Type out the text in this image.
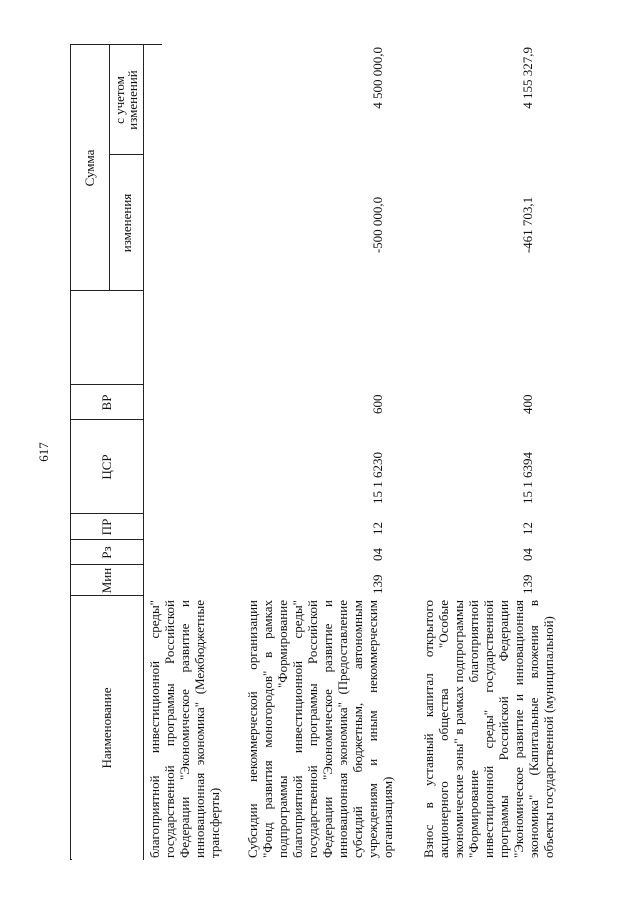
617
Наименование
Мин
Рз
ПР
ЦСР
ВР
Сумма
изменения
с учетом изменений
благоприятной инвестиционной среды" государственной программы Российской Федерации "Экономическое развитие и инновационная экономика" (Межбюджетные трансферты) Субсидии некоммерческой организации "Фонд развития моногородов" в рамках подпрограммы "Формирование благоприятной инвестиционной среды" государственной программы Российской Федерации "Экономическое развитие и инновационная экономика" (Предоставление субсидий бюджетным, автономным учреждениям и иным некоммерческим организациям)
139
04
12
15 1 6230
600
-500 000,0
4 500 000,0
Взнос в уставный капитал открытого акционерного общества "Особые экономические зоны" в рамках подпрограммы "Формирование благоприятной инвестиционной среды" государственной программы Российской Федерации "Экономическое развитие и инновационная экономика" (Капитальные вложения в объекты государственной (муниципальной)
139
04
12
15 1 6394
400
-461 703,1
4 155 327,9
